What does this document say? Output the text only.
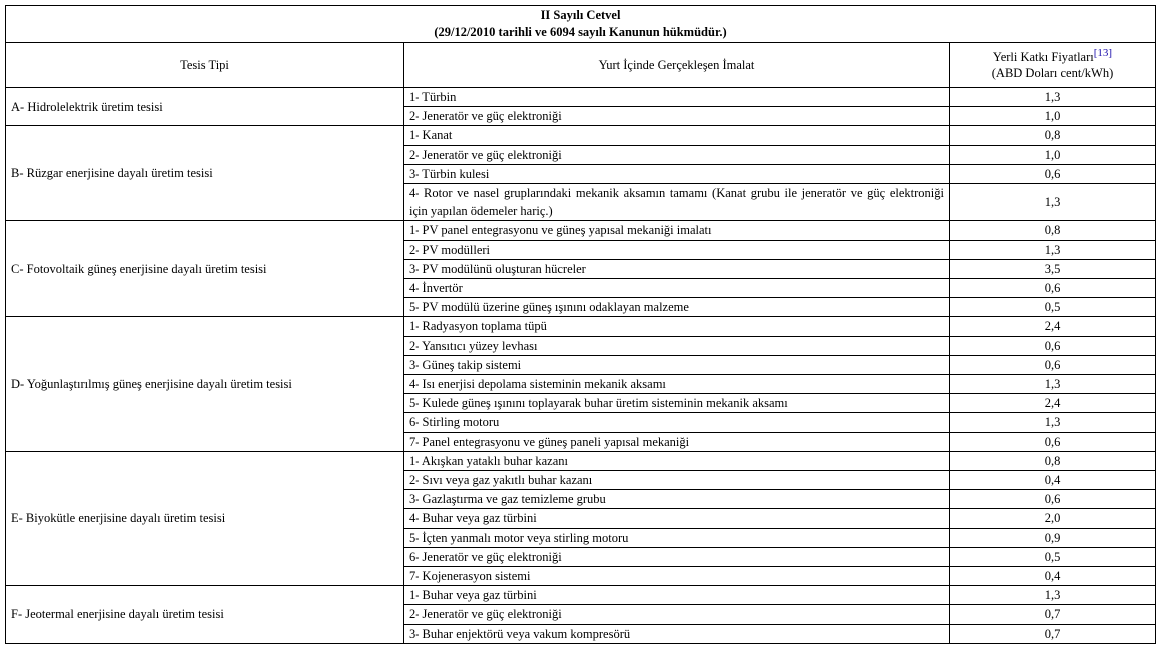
II Sayılı Cetvel
(29/12/2010 tarihli ve 6094 sayılı Kanunun hükmüdür.)		

Tesis Tipi	Yurt İçinde Gerçekleşen İmalat	Yerli Katkı Fiyatları[13]
(ABD Doları cent/kWh)
A- Hidrolelektrik üretim tesisi	1- Türbin	1,3
	2- Jeneratör ve güç elektroniği	1,0
B- Rüzgar enerjisine dayalı üretim tesisi	1- Kanat	0,8
	2- Jeneratör ve güç elektroniği	1,0
	3- Türbin kulesi	0,6
	4- Rotor ve nasel gruplarındaki mekanik aksamın tamamı (Kanat grubu ile jeneratör ve güç elektroniği için yapılan ödemeler hariç.)	1,3
C- Fotovoltaik güneş enerjisine dayalı üretim tesisi	1- PV panel entegrasyonu ve güneş yapısal mekaniği imalatı	0,8
	2- PV modülleri	1,3
	3- PV modülünü oluşturan hücreler	3,5
	4- İnvertör	0,6
	5- PV modülü üzerine güneş ışınını odaklayan malzeme	0,5
D- Yoğunlaştırılmış güneş enerjisine dayalı üretim tesisi	1- Radyasyon toplama tüpü	2,4
	2- Yansıtıcı yüzey levhası	0,6
	3- Güneş takip sistemi	0,6
	4- Isı enerjisi depolama sisteminin mekanik aksamı	1,3
	5- Kulede güneş ışınını toplayarak buhar üretim sisteminin mekanik aksamı	2,4
	6- Stirling motoru	1,3
	7- Panel entegrasyonu ve güneş paneli yapısal mekaniği	0,6
E- Biyokütle enerjisine dayalı üretim tesisi	1- Akışkan yataklı buhar kazanı	0,8
	2- Sıvı veya gaz yakıtlı buhar kazanı	0,4
	3- Gazlaştırma ve gaz temizleme grubu	0,6
	4- Buhar veya gaz türbini	2,0
	5- İçten yanmalı motor veya stirling motoru	0,9
	6- Jeneratör ve güç elektroniği	0,5
	7- Kojenerasyon sistemi	0,4
F- Jeotermal enerjisine dayalı üretim tesisi	1- Buhar veya gaz türbini	1,3
	2- Jeneratör ve güç elektroniği	0,7
	3- Buhar enjektörü veya vakum kompresörü	0,7
